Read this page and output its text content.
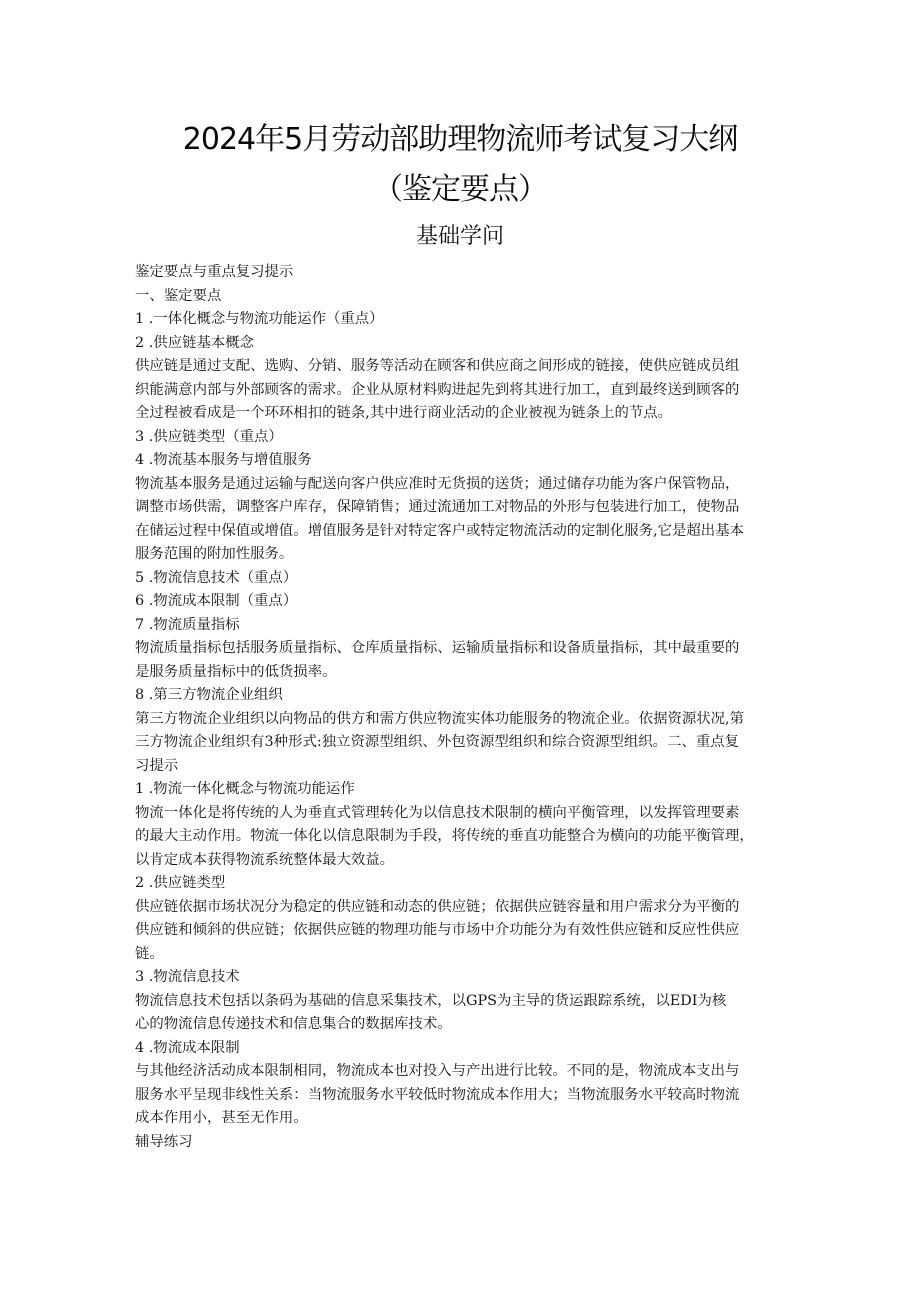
2024年5月劳动部助理物流师考试复习大纲
（鉴定要点）
基础学问
鉴定要点与重点复习提示
一、鉴定要点
1 .一体化概念与物流功能运作（重点）
2 .供应链基本概念
供应链是通过支配、选购、分销、服务等活动在顾客和供应商之间形成的链接，使供应链成员组
织能满意内部与外部顾客的需求。企业从原材料购进起先到将其进行加工，直到最终送到顾客的
全过程被看成是一个环环相扣的链条,其中进行商业活动的企业被视为链条上的节点。
3 .供应链类型（重点）
4 .物流基本服务与增值服务
物流基本服务是通过运输与配送向客户供应准时无货损的送货；通过储存功能为客户保管物品，
调整市场供需，调整客户库存，保障销售；通过流通加工对物品的外形与包装进行加工，使物品
在储运过程中保值或增值。增值服务是针对特定客户或特定物流活动的定制化服务,它是超出基本
服务范围的附加性服务。
5 .物流信息技术（重点）
6 .物流成本限制（重点）
7 .物流质量指标
物流质量指标包括服务质量指标、仓库质量指标、运输质量指标和设备质量指标，其中最重要的
是服务质量指标中的低货损率。
8 .第三方物流企业组织
第三方物流企业组织以向物品的供方和需方供应物流实体功能服务的物流企业。依据资源状况,第
三方物流企业组织有3种形式:独立资源型组织、外包资源型组织和综合资源型组织。二、重点复
习提示
1 .物流一体化概念与物流功能运作
物流一体化是将传统的人为垂直式管理转化为以信息技术限制的横向平衡管理，以发挥管理要素
的最大主动作用。物流一体化以信息限制为手段，将传统的垂直功能整合为横向的功能平衡管理，
以肯定成本获得物流系统整体最大效益。
2 .供应链类型
供应链依据市场状况分为稳定的供应链和动态的供应链；依据供应链容量和用户需求分为平衡的
供应链和倾斜的供应链；依据供应链的物理功能与市场中介功能分为有效性供应链和反应性供应
链。
3 .物流信息技术
物流信息技术包括以条码为基础的信息采集技术，以GPS为主导的货运跟踪系统，以EDI为核
心的物流信息传递技术和信息集合的数据库技术。
4 .物流成本限制
与其他经济活动成本限制相同，物流成本也对投入与产出进行比较。不同的是，物流成本支出与
服务水平呈现非线性关系：当物流服务水平较低时物流成本作用大；当物流服务水平较高时物流
成本作用小，甚至无作用。
辅导练习
